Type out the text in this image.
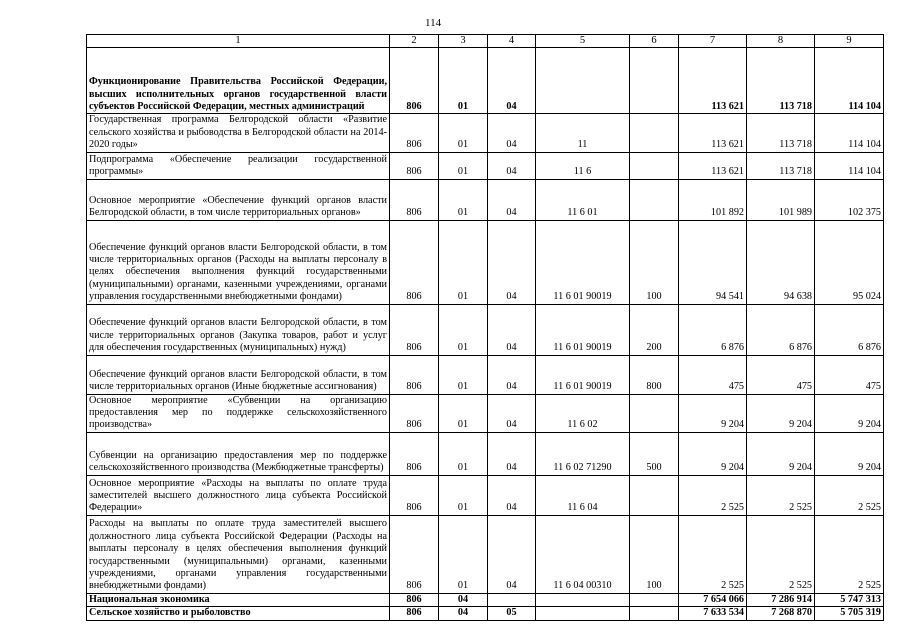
114
1	2	3	4	5	6	7	8	9
Функционирование Правительства Российской Федерации, высших исполнительных органов государственной власти субъектов Российской Федерации, местных администраций	806	01	04			113 621	113 718	114 104
Государственная программа Белгородской области «Развитие сельского хозяйства и рыбоводства в Белгородской области на 2014-2020 годы»	806	01	04	11		113 621	113 718	114 104
Подпрограмма «Обеспечение реализации государственной программы»	806	01	04	11 6		113 621	113 718	114 104
Основное мероприятие «Обеспечение функций органов власти Белгородской области, в том числе территориальных органов»	806	01	04	11 6 01		101 892	101 989	102 375
Обеспечение функций органов власти Белгородской области, в том числе территориальных органов (Расходы на выплаты персоналу в целях обеспечения выполнения функций государственными (муниципальными) органами, казенными учреждениями, органами управления государственными внебюджетными фондами)	806	01	04	11 6 01 90019	100	94 541	94 638	95 024
Обеспечение функций органов власти Белгородской области, в том числе территориальных органов (Закупка товаров, работ и услуг для обеспечения государственных (муниципальных) нужд)	806	01	04	11 6 01 90019	200	6 876	6 876	6 876
Обеспечение функций органов власти Белгородской области, в том числе территориальных органов (Иные бюджетные ассигнования)	806	01	04	11 6 01 90019	800	475	475	475
Основное мероприятие «Субвенции на организацию предоставления мер по поддержке сельскохозяйственного производства»	806	01	04	11 6 02		9 204	9 204	9 204
Субвенции на организацию предоставления мер по поддержке сельскохозяйственного производства (Межбюджетные трансферты)	806	01	04	11 6 02 71290	500	9 204	9 204	9 204
Основное мероприятие «Расходы на выплаты по оплате труда заместителей высшего должностного лица субъекта Российской Федерации»	806	01	04	11 6 04		2 525	2 525	2 525
Расходы на выплаты по оплате труда заместителей высшего должностного лица субъекта Российской Федерации (Расходы на выплаты персоналу в целях обеспечения выполнения функций государственными (муниципальными) органами, казенными учреждениями, органами управления государственными внебюджетными фондами)	806	01	04	11 6 04 00310	100	2 525	2 525	2 525
Национальная экономика	806	04				7 654 066	7 286 914	5 747 313
Сельское хозяйство и рыболовство	806	04	05			7 633 534	7 268 870	5 705 319
